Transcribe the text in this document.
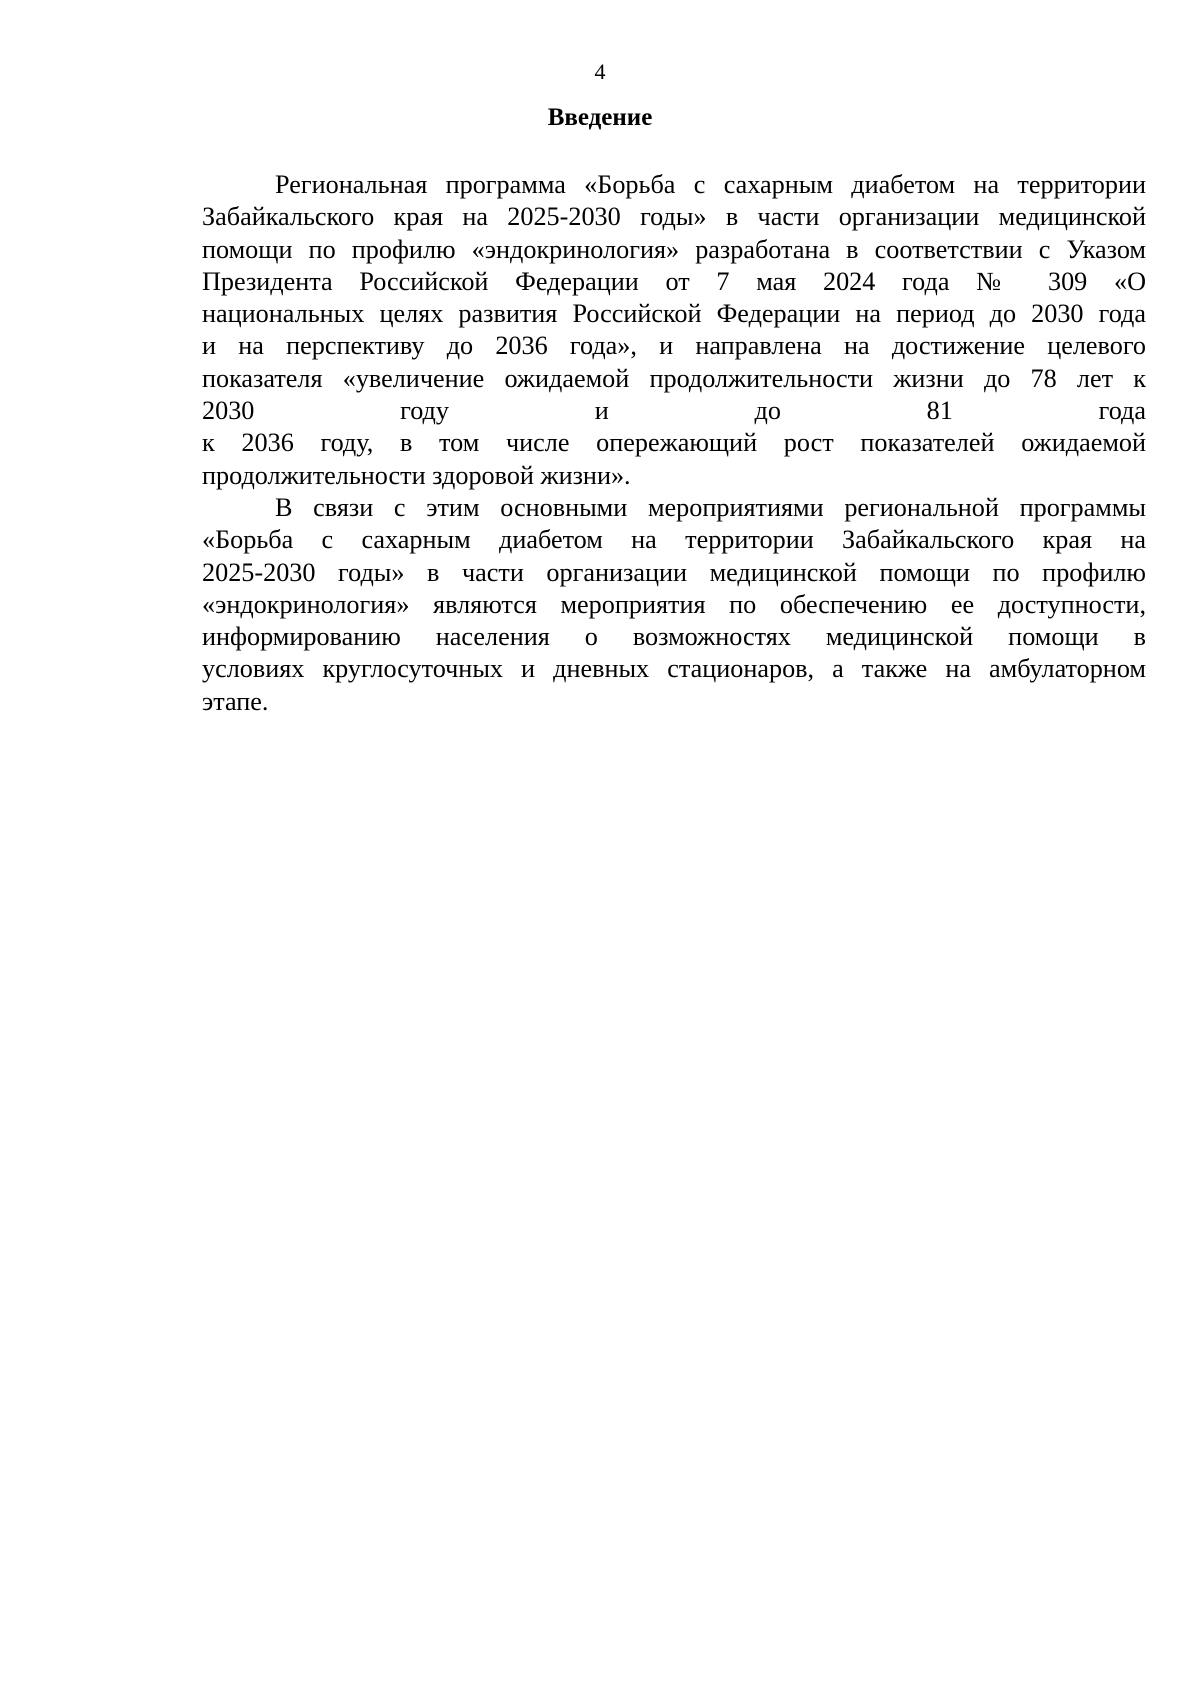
4
Введение

Региональная программа «Борьба с сахарным диабетом на территории
Забайкальского края на 2025-2030 годы» в части организации медицинской
помощи по профилю «эндокринология» разработана в соответствии с Указом
Президента Российской Федерации от 7 мая 2024 года № 309 «О
национальных целях развития Российской Федерации на период до 2030 года
и на перспективу до 2036 года», и направлена на достижение целевого
показателя «увеличение ожидаемой продолжительности жизни до 78 лет к
2030 году и до 81 года
к 2036 году, в том числе опережающий рост показателей ожидаемой
продолжительности здоровой жизни».

В связи с этим основными мероприятиями региональной программы
«Борьба с сахарным диабетом на территории Забайкальского края на
2025-2030 годы» в части организации медицинской помощи по профилю
«эндокринология» являются мероприятия по обеспечению ее доступности,
информированию населения о возможностях медицинской помощи в
условиях круглосуточных и дневных стационаров, а также на амбулаторном
этапе.
